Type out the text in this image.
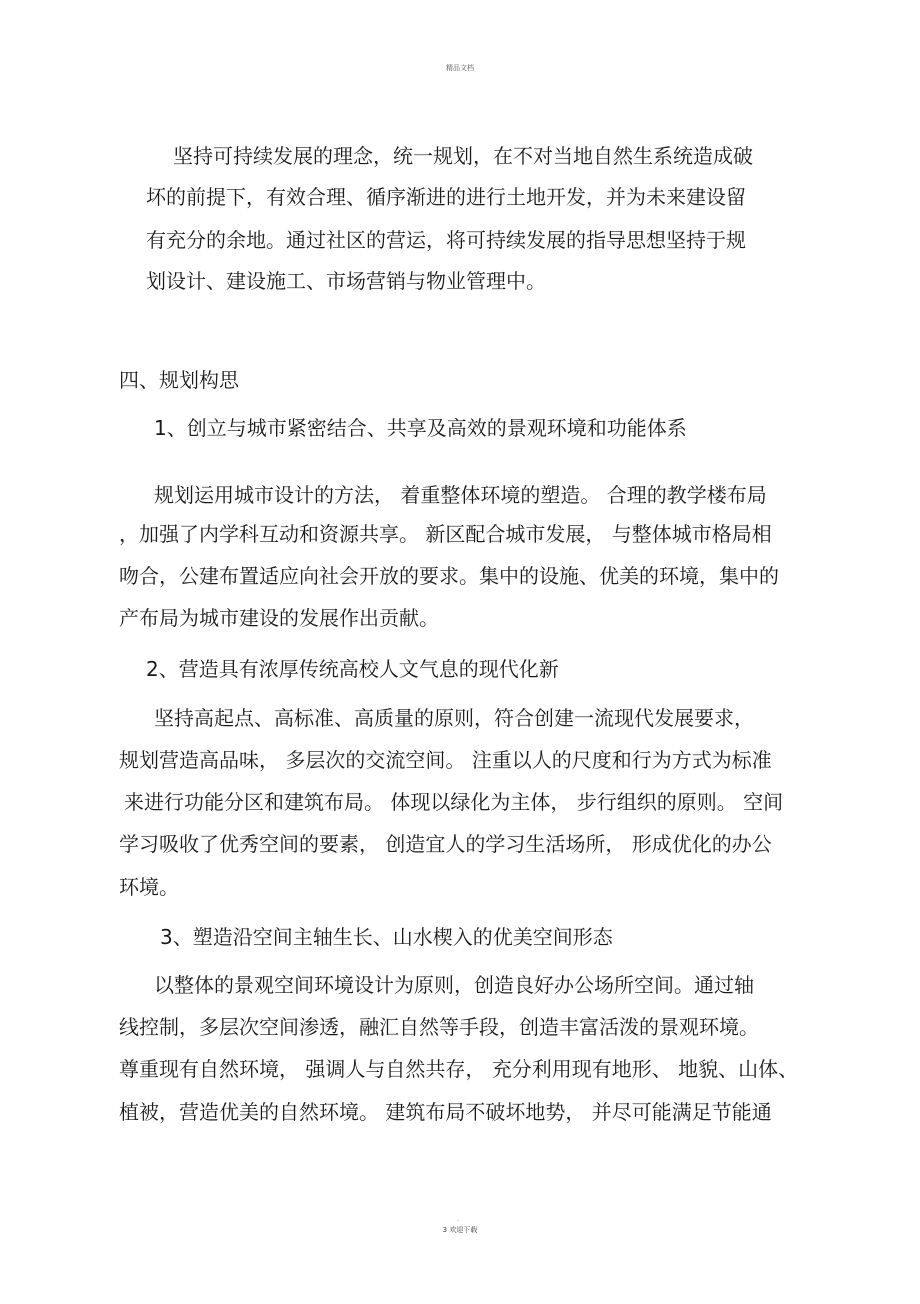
精品文档
坚持可持续发展的理念，统一规划，在不对当地自然生系统造成破
坏的前提下，有效合理、循序渐进的进行土地开发，并为未来建设留
有充分的余地。通过社区的营运，将可持续发展的指导思想坚持于规
划设计、建设施工、市场营销与物业管理中。
四、规划构思
1、创立与城市紧密结合、共享及高效的景观环境和功能体系
规划运用城市设计的方法， 着重整体环境的塑造。 合理的教学楼布局
，加强了内学科互动和资源共享。 新区配合城市发展， 与整体城市格局相
吻合，公建布置适应向社会开放的要求。集中的设施、优美的环境，集中的
产布局为城市建设的发展作出贡献。
2、营造具有浓厚传统高校人文气息的现代化新
坚持高起点、高标准、高质量的原则，符合创建一流现代发展要求，
规划营造高品味， 多层次的交流空间。 注重以人的尺度和行为方式为标准
来进行功能分区和建筑布局。 体现以绿化为主体， 步行组织的原则。 空间
学习吸收了优秀空间的要素， 创造宜人的学习生活场所， 形成优化的办公
环境。
3、塑造沿空间主轴生长、山水楔入的优美空间形态
以整体的景观空间环境设计为原则，创造良好办公场所空间。通过轴
线控制，多层次空间渗透，融汇自然等手段，创造丰富活泼的景观环境。
尊重现有自然环境， 强调人与自然共存， 充分利用现有地形、 地貌、山体、
植被，营造优美的自然环境。 建筑布局不破坏地势， 并尽可能满足节能通
.
3 欢迎下载
